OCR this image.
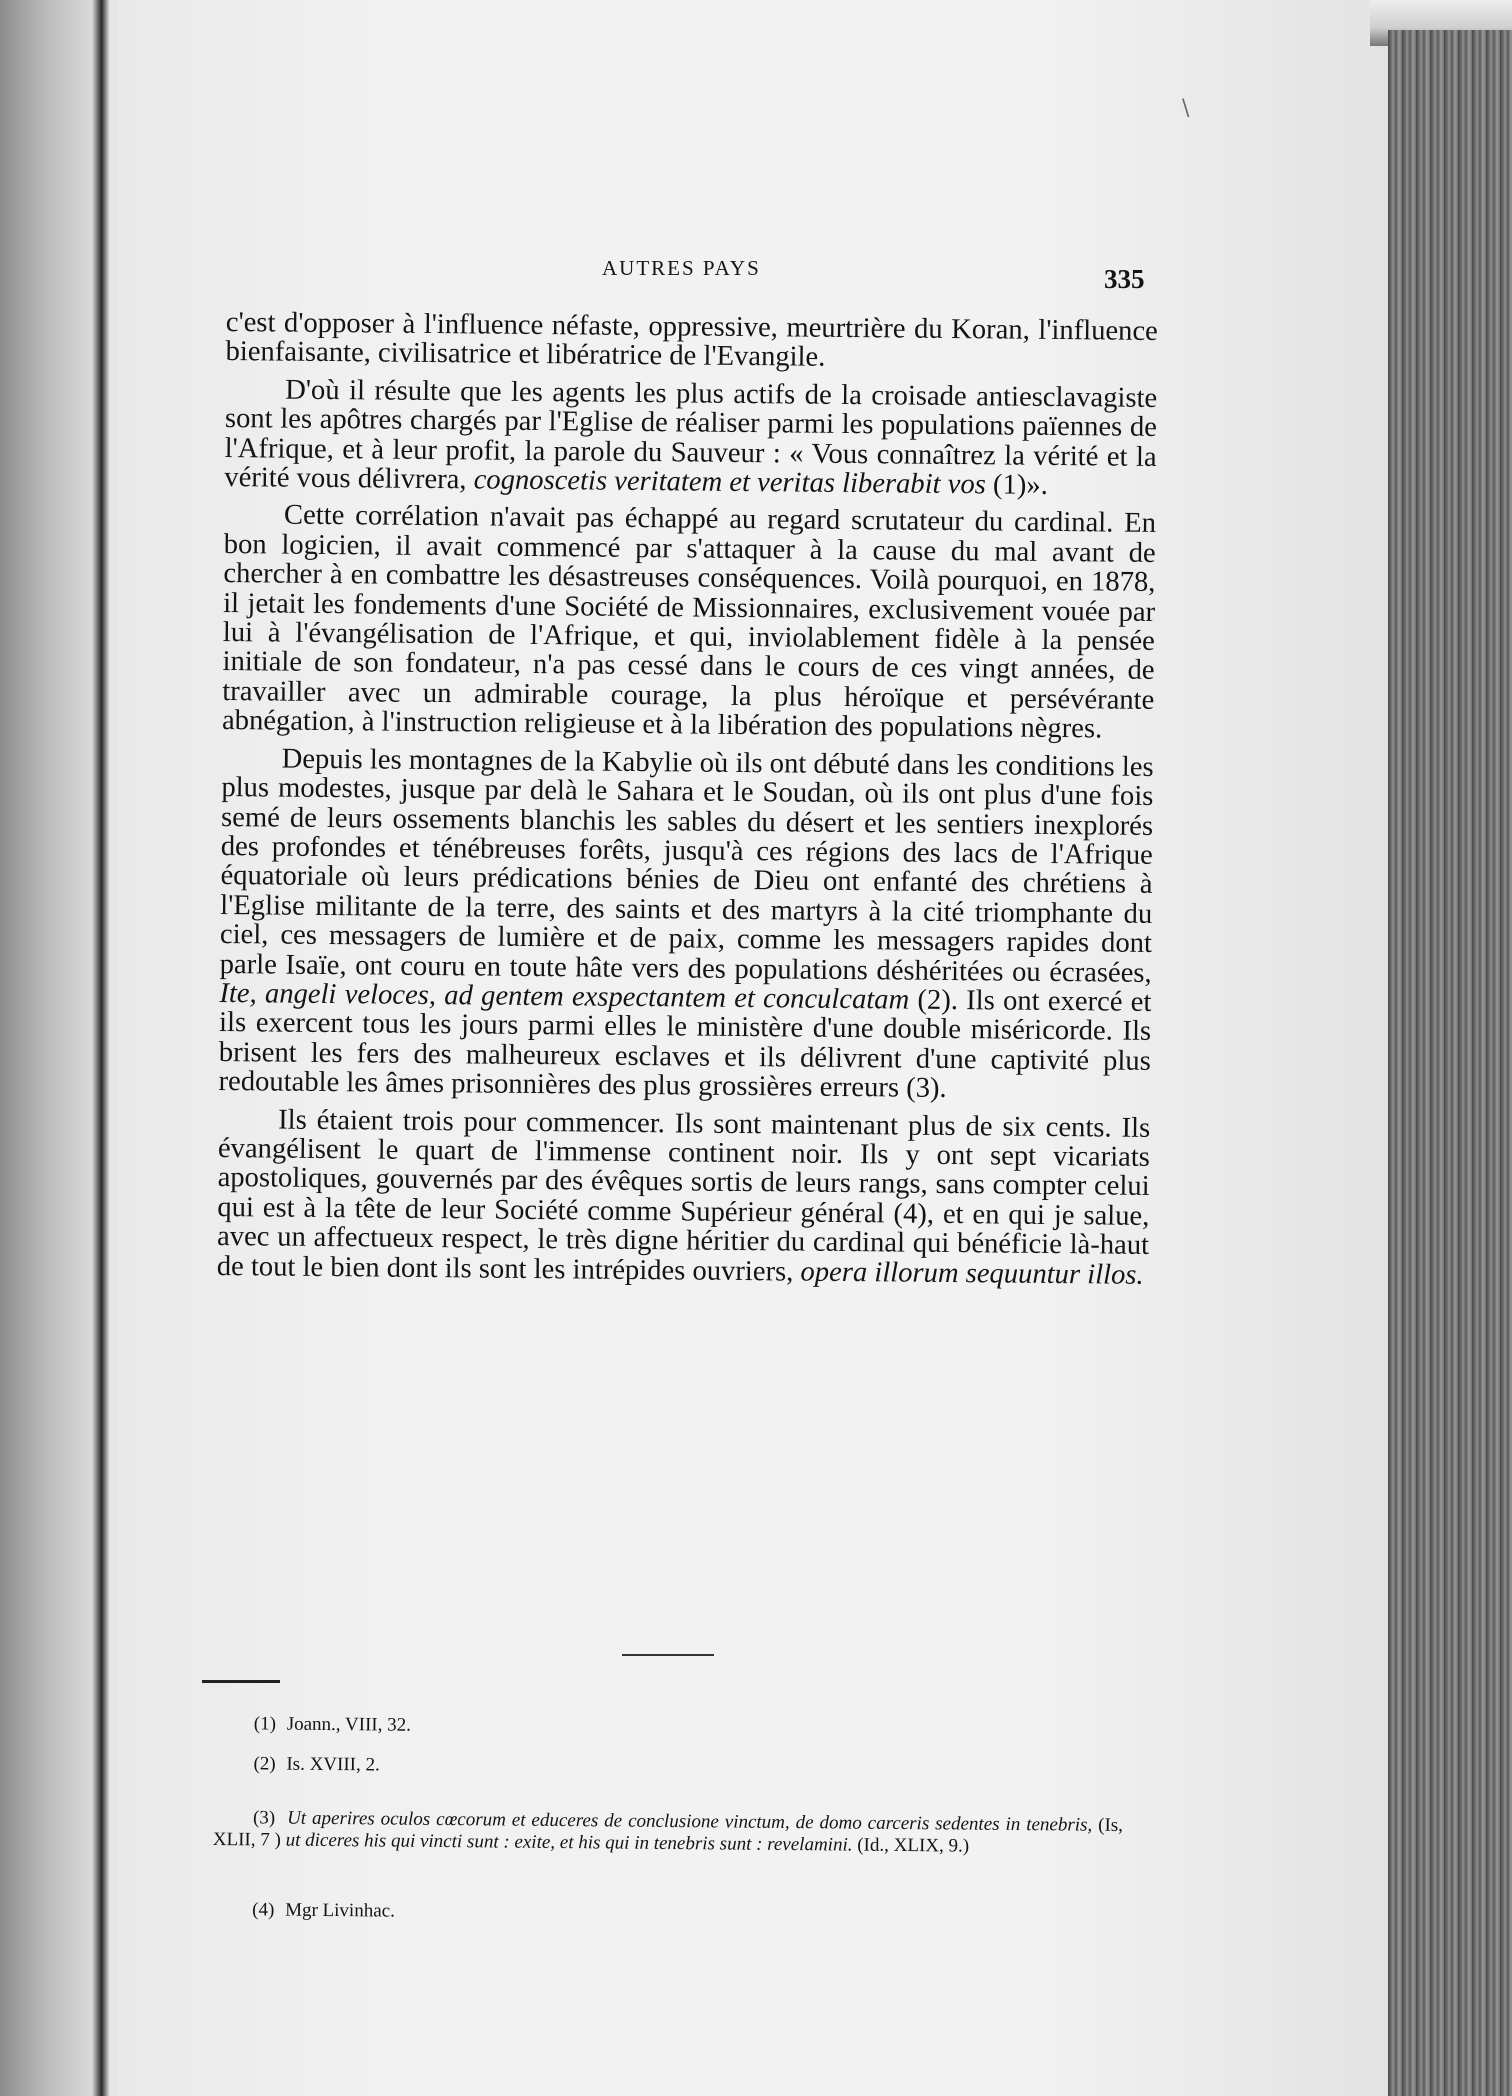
\
AUTRES PAYS	335

c'est d'opposer à l'influence néfaste, oppressive, meurtrière du Koran, l'influence bienfaisante, civilisatrice et libératrice de l'Evangile.

D'où il résulte que les agents les plus actifs de la croisade antiesclavagiste sont les apôtres chargés par l'Eglise de réaliser parmi les populations païennes de l'Afrique, et à leur profit, la parole du Sauveur : « Vous connaîtrez la vérité et la vérité vous délivrera, cognoscetis veritatem et veritas liberabit vos (1)».

Cette corrélation n'avait pas échappé au regard scrutateur du cardinal. En bon logicien, il avait commencé par s'attaquer à la cause du mal avant de chercher à en combattre les désastreuses conséquences. Voilà pourquoi, en 1878, il jetait les fondements d'une Société de Missionnaires, exclusivement vouée par lui à l'évangélisation de l'Afrique, et qui, inviolablement fidèle à la pensée initiale de son fondateur, n'a pas cessé dans le cours de ces vingt années, de travailler avec un admirable courage, la plus héroïque et persévérante abnégation, à l'instruction religieuse et à la libération des populations nègres.

Depuis les montagnes de la Kabylie où ils ont débuté dans les conditions les plus modestes, jusque par delà le Sahara et le Soudan, où ils ont plus d'une fois semé de leurs ossements blanchis les sables du désert et les sentiers inexplorés des profondes et ténébreuses forêts, jusqu'à ces régions des lacs de l'Afrique équatoriale où leurs prédications bénies de Dieu ont enfanté des chrétiens à l'Eglise militante de la terre, des saints et des martyrs à la cité triomphante du ciel, ces messagers de lumière et de paix, comme les messagers rapides dont parle Isaïe, ont couru en toute hâte vers des populations déshéritées ou écrasées, Ite, angeli veloces, ad gentem exspectantem et conculcatam (2). Ils ont exercé et ils exercent tous les jours parmi elles le ministère d'une double miséricorde. Ils brisent les fers des malheureux esclaves et ils délivrent d'une captivité plus redoutable les âmes prisonnières des plus grossières erreurs (3).

Ils étaient trois pour commencer. Ils sont maintenant plus de six cents. Ils évangélisent le quart de l'immense continent noir. Ils y ont sept vicariats apostoliques, gouvernés par des évêques sortis de leurs rangs, sans compter celui qui est à la tête de leur Société comme Supérieur général (4), et en qui je salue, avec un affectueux respect, le très digne héritier du cardinal qui bénéficie là-haut de tout le bien dont ils sont les intrépides ouvriers, opera illorum sequuntur illos.

(1) Joann., VIII, 32.
(2) Is. XVIII, 2.
(3) Ut aperires oculos cœcorum et educeres de conclusione vinctum, de domo carceris sedentes in tenebris, (Is, XLII, 7 ) ut diceres his qui vincti sunt : exite, et his qui in tenebris sunt : revelamini. (Id., XLIX, 9.)
(4) Mgr Livinhac.
